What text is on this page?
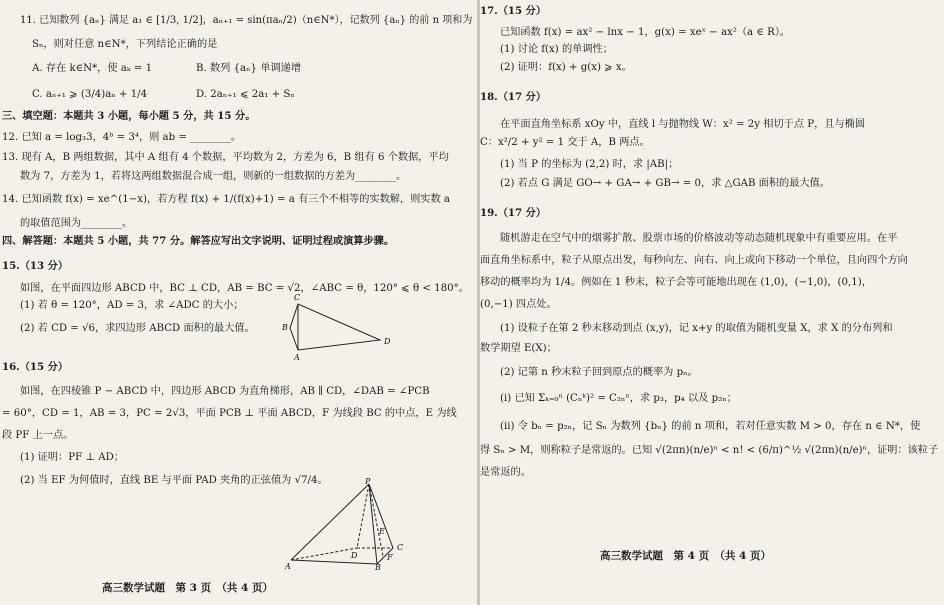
11. 已知数列 {aₙ} 满足 a₁ ∈ [1/3, 1/2]，aₙ₊₁ = sin(πaₙ/2)（n∈N*），记数列 {aₙ} 的前 n 项和为
Sₙ，则对任意 n∈N*，下列结论正确的是
A. 存在 k∈N*，使 aₖ = 1	B. 数列 {aₙ} 单调递增
C. aₙ₊₁ ⩾ (3/4)aₙ + 1/4	D. 2aₙ₊₁ ⩽ 2a₁ + Sₙ
三、填空题：本题共 3 小题，每小题 5 分，共 15 分。
12. 已知 a = log₃3，4ᵇ = 3⁴，则 ab = ________。
13. 现有 A，B 两组数据，其中 A 组有 4 个数据，平均数为 2，方差为 6，B 组有 6 个数据，平均
数为 7，方差为 1，若将这两组数据混合成一组，则新的一组数据的方差为________。
14. 已知函数 f(x) = xe^(1−x)，若方程 f(x) + 1/(f(x)+1) = a 有三个不相等的实数解，则实数 a
的取值范围为________。
四、解答题：本题共 5 小题，共 77 分。解答应写出文字说明、证明过程或演算步骤。
15.（13 分）
如图，在平面四边形 ABCD 中，BC ⊥ CD，AB = BC = √2，∠ABC = θ，120° ⩽ θ < 180°。
(1) 若 θ = 120°，AD = 3，求 ∠ADC 的大小；
(2) 若 CD = √6，求四边形 ABCD 面积的最大值。
C
B
A
D
16.（15 分）
如图，在四棱锥 P − ABCD 中，四边形 ABCD 为直角梯形，AB ∥ CD，∠DAB = ∠PCB
= 60°，CD = 1，AB = 3，PC = 2√3，平面 PCB ⊥ 平面 ABCD，F 为线段 BC 的中点，E 为线
段 PF 上一点。
(1) 证明：PF ⊥ AD；
(2) 当 EF 为何值时，直线 BE 与平面 PAD 夹角的正弦值为 √7/4。	P
E
D
C
F
A	B
高三数学试题　第 3 页　（共 4 页）
17.（15 分）
已知函数 f(x) = ax² − lnx − 1，g(x) = xeˣ − ax²（a ∈ R）。
(1) 讨论 f(x) 的单调性；
(2) 证明：f(x) + g(x) ⩾ x。
18.（17 分）
在平面直角坐标系 xOy 中，直线 l 与抛物线 W：x² = 2y 相切于点 P，且与椭圆
C：x²/2 + y² = 1 交于 A，B 两点。
(1) 当 P 的坐标为 (2,2) 时，求 |AB|；
(2) 若点 G 满足 GO→ + GA→ + GB→ = 0，求 △GAB 面积的最大值。
19.（17 分）
随机游走在空气中的烟雾扩散、股票市场的价格波动等动态随机现象中有重要应用。在平
面直角坐标系中，粒子从原点出发，每秒向左、向右、向上或向下移动一个单位，且向四个方向
移动的概率均为 1/4。例如在 1 秒末，粒子会等可能地出现在 (1,0)，(−1,0)，(0,1)，
(0,−1) 四点处。
(1) 设粒子在第 2 秒末移动到点 (x,y)，记 x+y 的取值为随机变量 X，求 X 的分布列和
数学期望 E(X)；
(2) 记第 n 秒末粒子回到原点的概率为 pₙ。
(i) 已知 Σₖ₌₀ⁿ (Cₙᵏ)² = C₂ₙⁿ，求 p₃，p₄ 以及 p₂ₙ；
(ii) 令 bₙ = p₂ₙ，记 Sₙ 为数列 {bₙ} 的前 n 项和，若对任意实数 M > 0，存在 n ∈ N*，使
得 Sₙ > M，则称粒子是常返的。已知 √(2πn)(n/e)ⁿ < n! < (6/π)^½ √(2πn)(n/e)ⁿ，证明：该粒子
是常返的。
高三数学试题　第 4 页　（共 4 页）
